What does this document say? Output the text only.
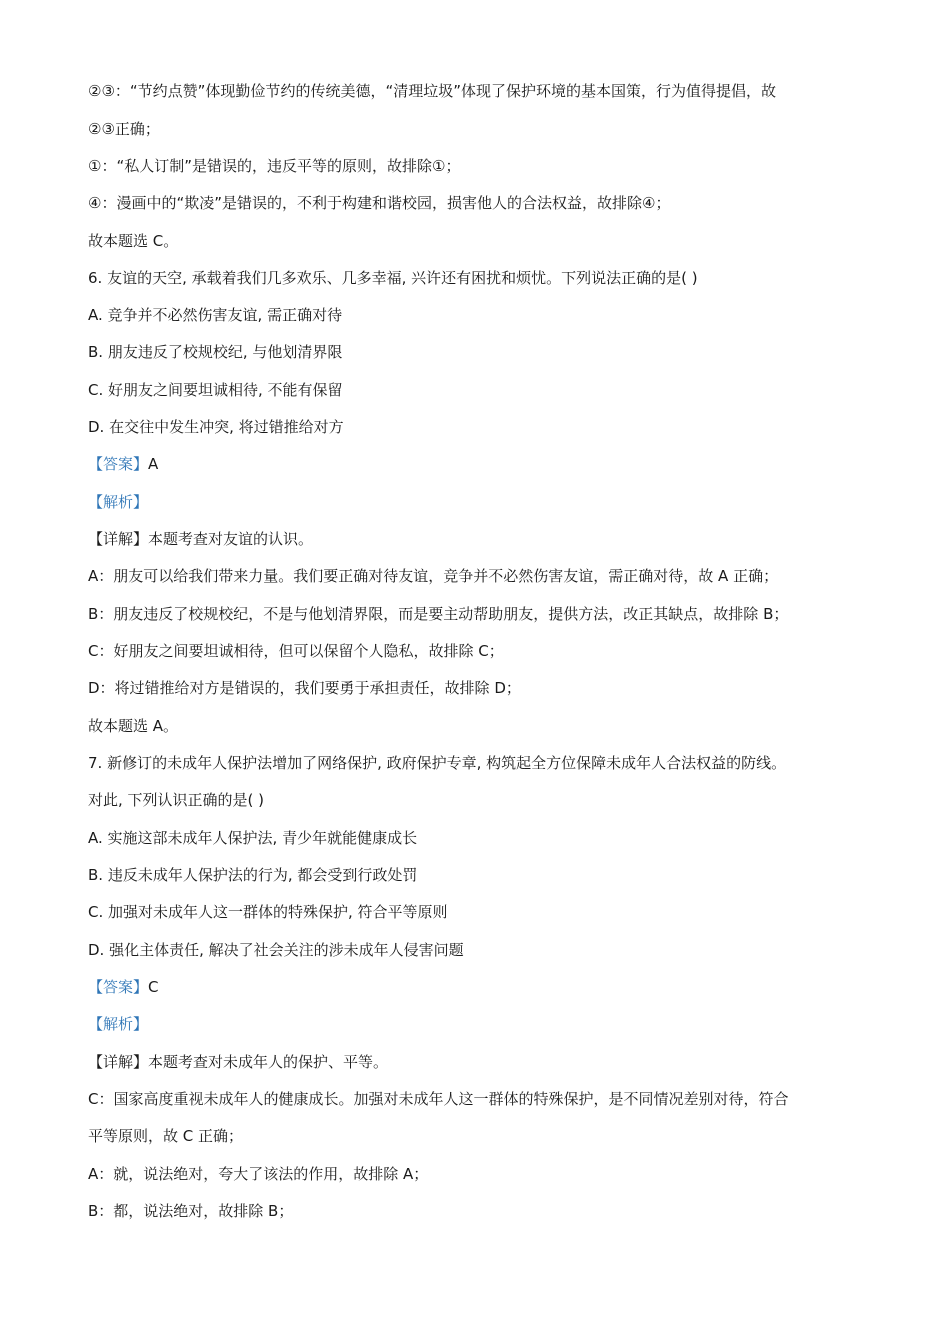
②③：“节约点赞”体现勤俭节约的传统美德，“清理垃圾”体现了保护环境的基本国策，行为值得提倡，故
②③正确；
①：“私人订制”是错误的，违反平等的原则，故排除①；
④：漫画中的“欺凌”是错误的，不利于构建和谐校园，损害他人的合法权益，故排除④；
故本题选 C。
6. 友谊的天空, 承载着我们几多欢乐、几多幸福, 兴许还有困扰和烦忧。下列说法正确的是( )
A. 竞争并不必然伤害友谊, 需正确对待
B. 朋友违反了校规校纪, 与他划清界限
C. 好朋友之间要坦诚相待, 不能有保留
D. 在交往中发生冲突, 将过错推给对方
【答案】A
【解析】
【详解】本题考查对友谊的认识。
A：朋友可以给我们带来力量。我们要正确对待友谊，竞争并不必然伤害友谊，需正确对待，故 A 正确；
B：朋友违反了校规校纪，不是与他划清界限，而是要主动帮助朋友，提供方法，改正其缺点，故排除 B；
C：好朋友之间要坦诚相待，但可以保留个人隐私，故排除 C；
D：将过错推给对方是错误的，我们要勇于承担责任，故排除 D；
故本题选 A。
7. 新修订的未成年人保护法增加了网络保护, 政府保护专章, 构筑起全方位保障未成年人合法权益的防线。
对此, 下列认识正确的是( )
A. 实施这部未成年人保护法, 青少年就能健康成长
B. 违反未成年人保护法的行为, 都会受到行政处罚
C. 加强对未成年人这一群体的特殊保护, 符合平等原则
D. 强化主体责任, 解决了社会关注的涉未成年人侵害问题
【答案】C
【解析】
【详解】本题考查对未成年人的保护、平等。
C：国家高度重视未成年人的健康成长。加强对未成年人这一群体的特殊保护，是不同情况差别对待，符合
平等原则，故 C 正确；
A：就，说法绝对，夸大了该法的作用，故排除 A；
B：都，说法绝对，故排除 B；
